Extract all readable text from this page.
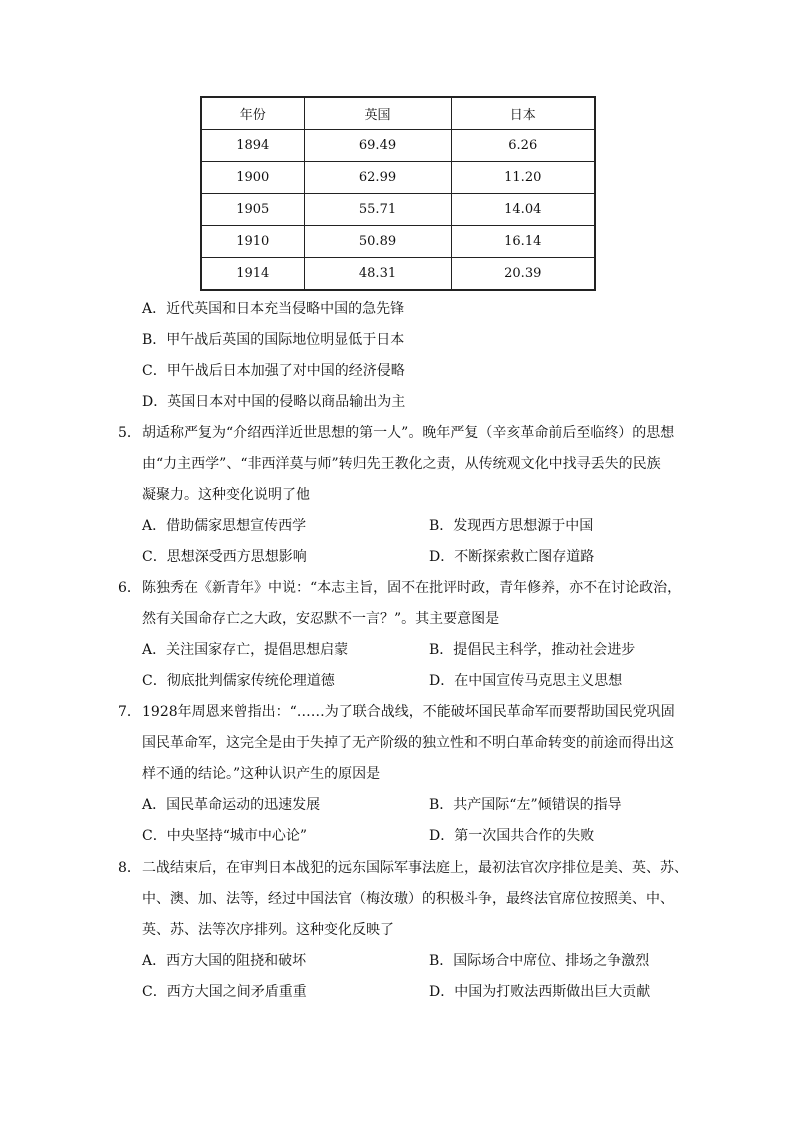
年份	英国	日本
1894	69.49	6.26
1900	62.99	11.20
1905	55.71	14.04
1910	50.89	16.14
1914	48.31	20.39
A．近代英国和日本充当侵略中国的急先锋
B．甲午战后英国的国际地位明显低于日本
C．甲午战后日本加强了对中国的经济侵略
D．英国日本对中国的侵略以商品输出为主
5．胡适称严复为“介绍西洋近世思想的第一人”。晚年严复（辛亥革命前后至临终）的思想
由“力主西学”、“非西洋莫与师”转归先王教化之责，从传统观文化中找寻丢失的民族
凝聚力。这种变化说明了他
A．借助儒家思想宣传西学	B．发现西方思想源于中国
C．思想深受西方思想影响	D．不断探索救亡图存道路
6．陈独秀在《新青年》中说：“本志主旨，固不在批评时政，青年修养，亦不在讨论政治，
然有关国命存亡之大政，安忍默不一言？”。其主要意图是
A．关注国家存亡，提倡思想启蒙	B．提倡民主科学，推动社会进步
C．彻底批判儒家传统伦理道德	D．在中国宣传马克思主义思想
7．1928年周恩来曾指出：“……为了联合战线，不能破坏国民革命军而要帮助国民党巩固
国民革命军，这完全是由于失掉了无产阶级的独立性和不明白革命转变的前途而得出这
样不通的结论。”这种认识产生的原因是
A．国民革命运动的迅速发展	B．共产国际“左”倾错误的指导
C．中央坚持“城市中心论”	D．第一次国共合作的失败
8．二战结束后，在审判日本战犯的远东国际军事法庭上，最初法官次序排位是美、英、苏、
中、澳、加、法等，经过中国法官（梅汝璈）的积极斗争，最终法官席位按照美、中、
英、苏、法等次序排列。这种变化反映了
A．西方大国的阻挠和破坏	B．国际场合中席位、排场之争激烈
C．西方大国之间矛盾重重	D．中国为打败法西斯做出巨大贡献
